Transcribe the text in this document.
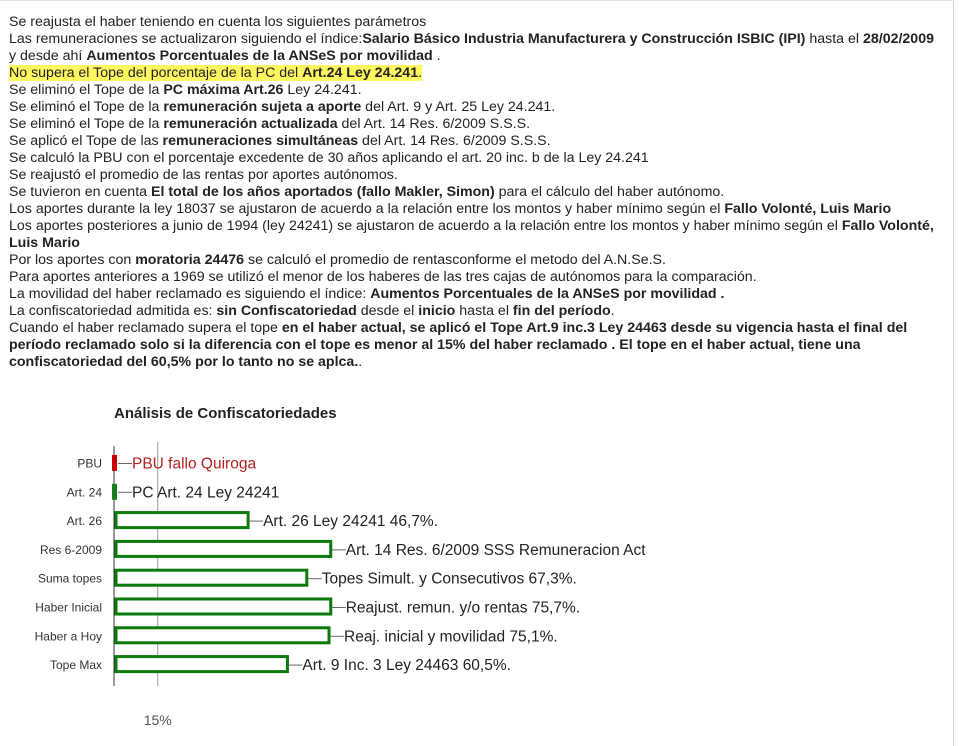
Se reajusta el haber teniendo en cuenta los siguientes parámetros
Las remuneraciones se actualizaron siguiendo el índice:Salario Básico Industria Manufacturera y Construcción ISBIC (IPI) hasta el 28/02/2009 y desde ahí Aumentos Porcentuales de la ANSeS por movilidad .
No supera el Tope del porcentaje de la PC del Art.24 Ley 24.241.
Se eliminó el Tope de la PC máxima Art.26 Ley 24.241.
Se eliminó el Tope de la remuneración sujeta a aporte del Art. 9 y Art. 25 Ley 24.241.
Se eliminó el Tope de la remuneración actualizada del Art. 14 Res. 6/2009 S.S.S.
Se aplicó el Tope de las remuneraciones simultáneas del Art. 14 Res. 6/2009 S.S.S.
Se calculó la PBU con el porcentaje excedente de 30 años aplicando el art. 20 inc. b de la Ley 24.241
Se reajustó el promedio de las rentas por aportes autónomos.
Se tuvieron en cuenta El total de los años aportados (fallo Makler, Simon) para el cálculo del haber autónomo.
Los aportes durante la ley 18037 se ajustaron de acuerdo a la relación entre los montos y haber mínimo según el Fallo Volonté, Luis Mario
Los aportes posteriores a junio de 1994 (ley 24241) se ajustaron de acuerdo a la relación entre los montos y haber mínimo según el Fallo Volonté, Luis Mario
Por los aportes con moratoria 24476 se calculó el promedio de rentasconforme el metodo del A.N.Se.S.
Para aportes anteriores a 1969 se utilizó el menor de los haberes de las tres cajas de autónomos para la comparación.
La movilidad del haber reclamado es siguiendo el índice: Aumentos Porcentuales de la ANSeS por movilidad .
La confiscatoriedad admitida es: sin Confiscatoriedad desde el inicio hasta el fin del período.
Cuando el haber reclamado supera el tope en el haber actual, se aplicó el Tope Art.9 inc.3 Ley 24463 desde su vigencia hasta el final del período reclamado solo si la diferencia con el tope es menor al 15% del haber reclamado . El tope en el haber actual, tiene una confiscatoriedad del 60,5% por lo tanto no se aplca..
Análisis de Confiscatoriedades
15%
PBU PBU fallo Quiroga
Art. 24 PC Art. 24 Ley 24241
Art. 26	Art. 26 Ley 24241 46,7%.
Res 6-2009	Art. 14 Res. 6/2009 SSS Remuneracion Act
Suma topes	Topes Simult. y Consecutivos 67,3%.
Haber Inicial	Reajust. remun. y/o rentas 75,7%.
Haber a Hoy	Reaj. inicial y movilidad 75,1%.
Tope Max	Art. 9 Inc. 3 Ley 24463 60,5%.
